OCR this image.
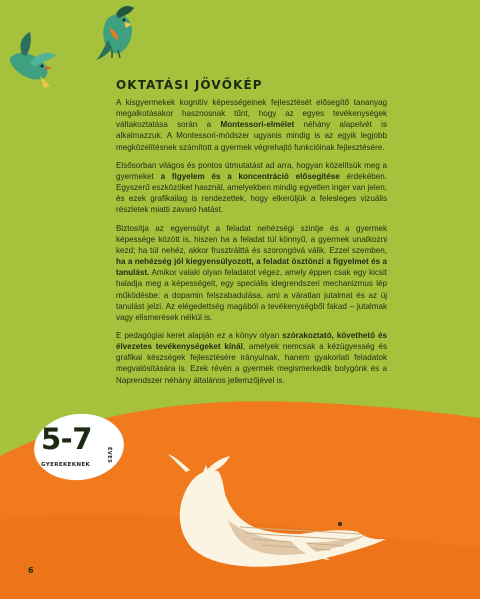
OKTATÁSI JÖVŐKÉP

A kisgyermekek kognitív képességeinek fejlesztését elősegítő tananyag megalkotásakor hasznosnak tűnt, hogy az egyes tevékenységek váltakoztatása során a Montessori-elmélet néhány alapelvét is alkalmazzuk. A Montessori-módszer ugyanis mindig is az egyik legjobb megközelítésnek számított a gyermek végrehajtó funkcióinak fejlesztésére.

Elsősorban világos és pontos útmutatást ad arra, hogyan közelítsük meg a gyermeket a figyelem és a koncentráció elősegítése érdekében. Egyszerű eszközöket használ, amelyekben mindig egyetlen inger van jelen, és ezek grafikailag is rendezettek, hogy elkerüljük a felesleges vizuális részletek miatti zavaró hatást.

Biztosítja az egyensúlyt a feladat nehézségi szintje és a gyermek képessége között is, hiszen ha a feladat túl könnyű, a gyermek unatkozni kezd; ha túl nehéz, akkor frusztrálttá és szorongóvá válik. Ezzel szemben, ha a nehézség jól kiegyensúlyozott, a feladat ösztönzi a figyelmet és a tanulást. Amikor valaki olyan feladatot végez, amely éppen csak egy kicsit haladja meg a képességeit, egy speciális idegrendszeri mechanizmus lép működésbe: a dopamin felszabadulása, ami a váratlan jutalmat és az új tanulást jelzi. Az elégedettség magából a tevékenységből fakad – jutalmak vagy elismerések nélkül is.

E pedagógiai keret alapján ez a könyv olyan szórakoztató, követhető és élvezetes tevékenységeket kínál, amelyek nemcsak a kézügyesség és grafikai készségek fejlesztésére irányulnak, hanem gyakorlati feladatok megvalósítására is. Ezek révén a gyermek megismerkedik bolygónk és a Naprendszer néhány általános jellemzőjével is.

5-7	ÉVES
GYEREKEKNEK
6
